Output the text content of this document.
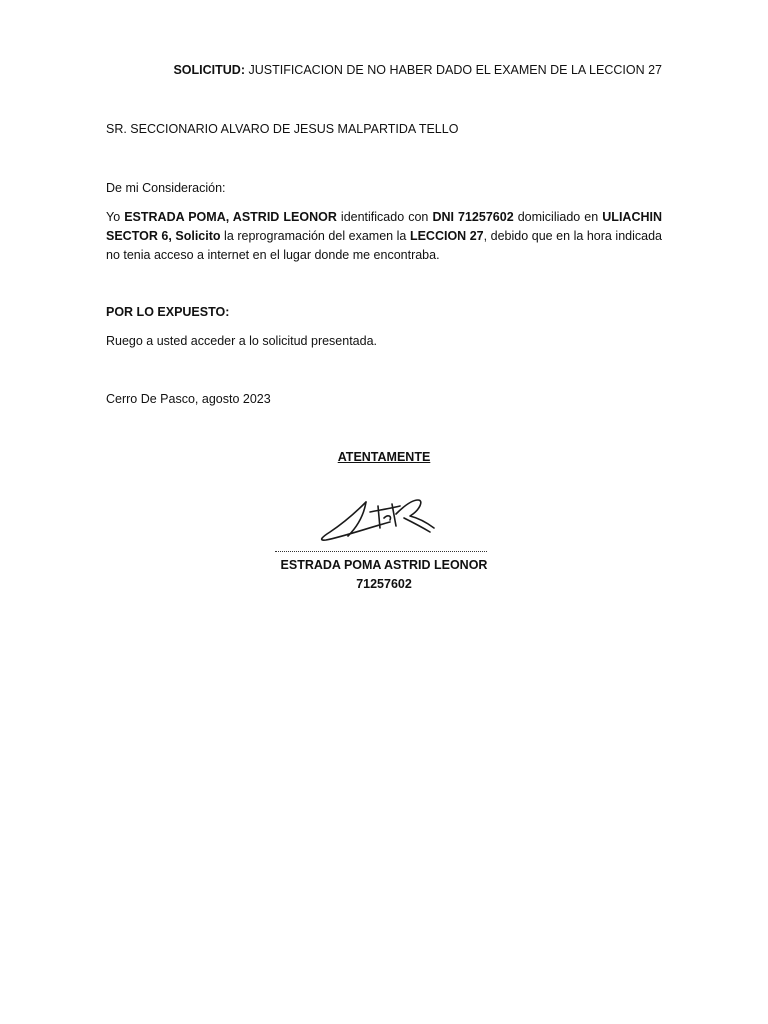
SOLICITUD: JUSTIFICACION DE NO HABER DADO EL EXAMEN DE LA LECCION 27
SR. SECCIONARIO ALVARO DE JESUS MALPARTIDA TELLO
De mi Consideración:
Yo ESTRADA POMA, ASTRID LEONOR identificado con DNI 71257602 domiciliado en ULIACHIN SECTOR 6, Solicito la reprogramación del examen la LECCION 27, debido que en la hora indicada no tenia acceso a internet en el lugar donde me encontraba.
POR LO EXPUESTO:
Ruego a usted acceder a lo solicitud presentada.
Cerro De Pasco, agosto 2023
ATENTAMENTE
ESTRADA POMA ASTRID LEONOR
71257602
